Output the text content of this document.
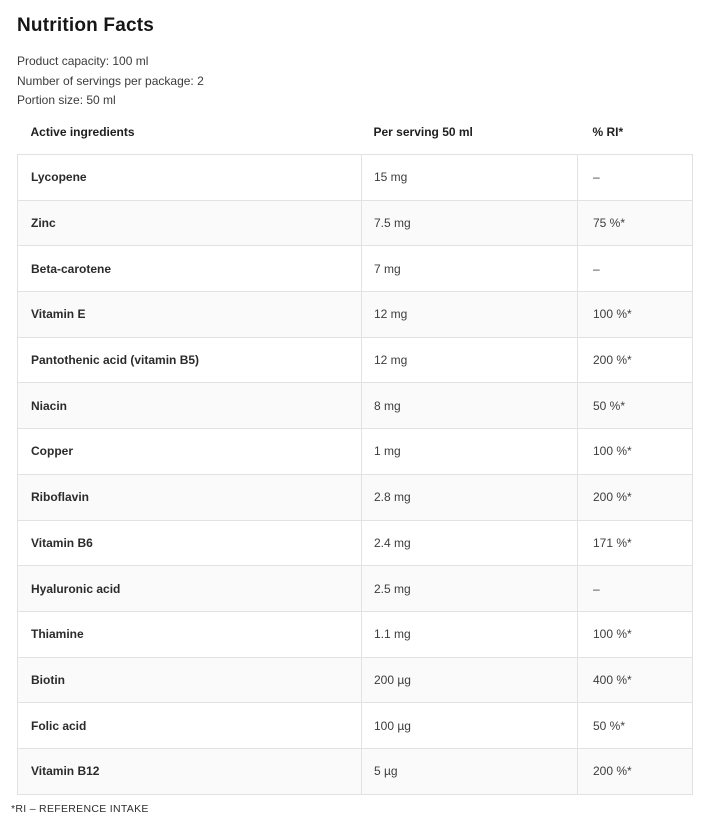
Nutrition Facts
Product capacity: 100 ml
Number of servings per package: 2
Portion size: 50 ml
Active ingredients	Per serving 50 ml	% RI*
Lycopene	15 mg	–
Zinc	7.5 mg	75 %*
Beta-carotene	7 mg	–
Vitamin E	12 mg	100 %*
Pantothenic acid (vitamin B5)	12 mg	200 %*
Niacin	8 mg	50 %*
Copper	1 mg	100 %*
Riboflavin	2.8 mg	200 %*
Vitamin B6	2.4 mg	171 %*
Hyaluronic acid	2.5 mg	–
Thiamine	1.1 mg	100 %*
Biotin	200 µg	400 %*
Folic acid	100 µg	50 %*
Vitamin B12	5 µg	200 %*
*RI – REFERENCE INTAKE
